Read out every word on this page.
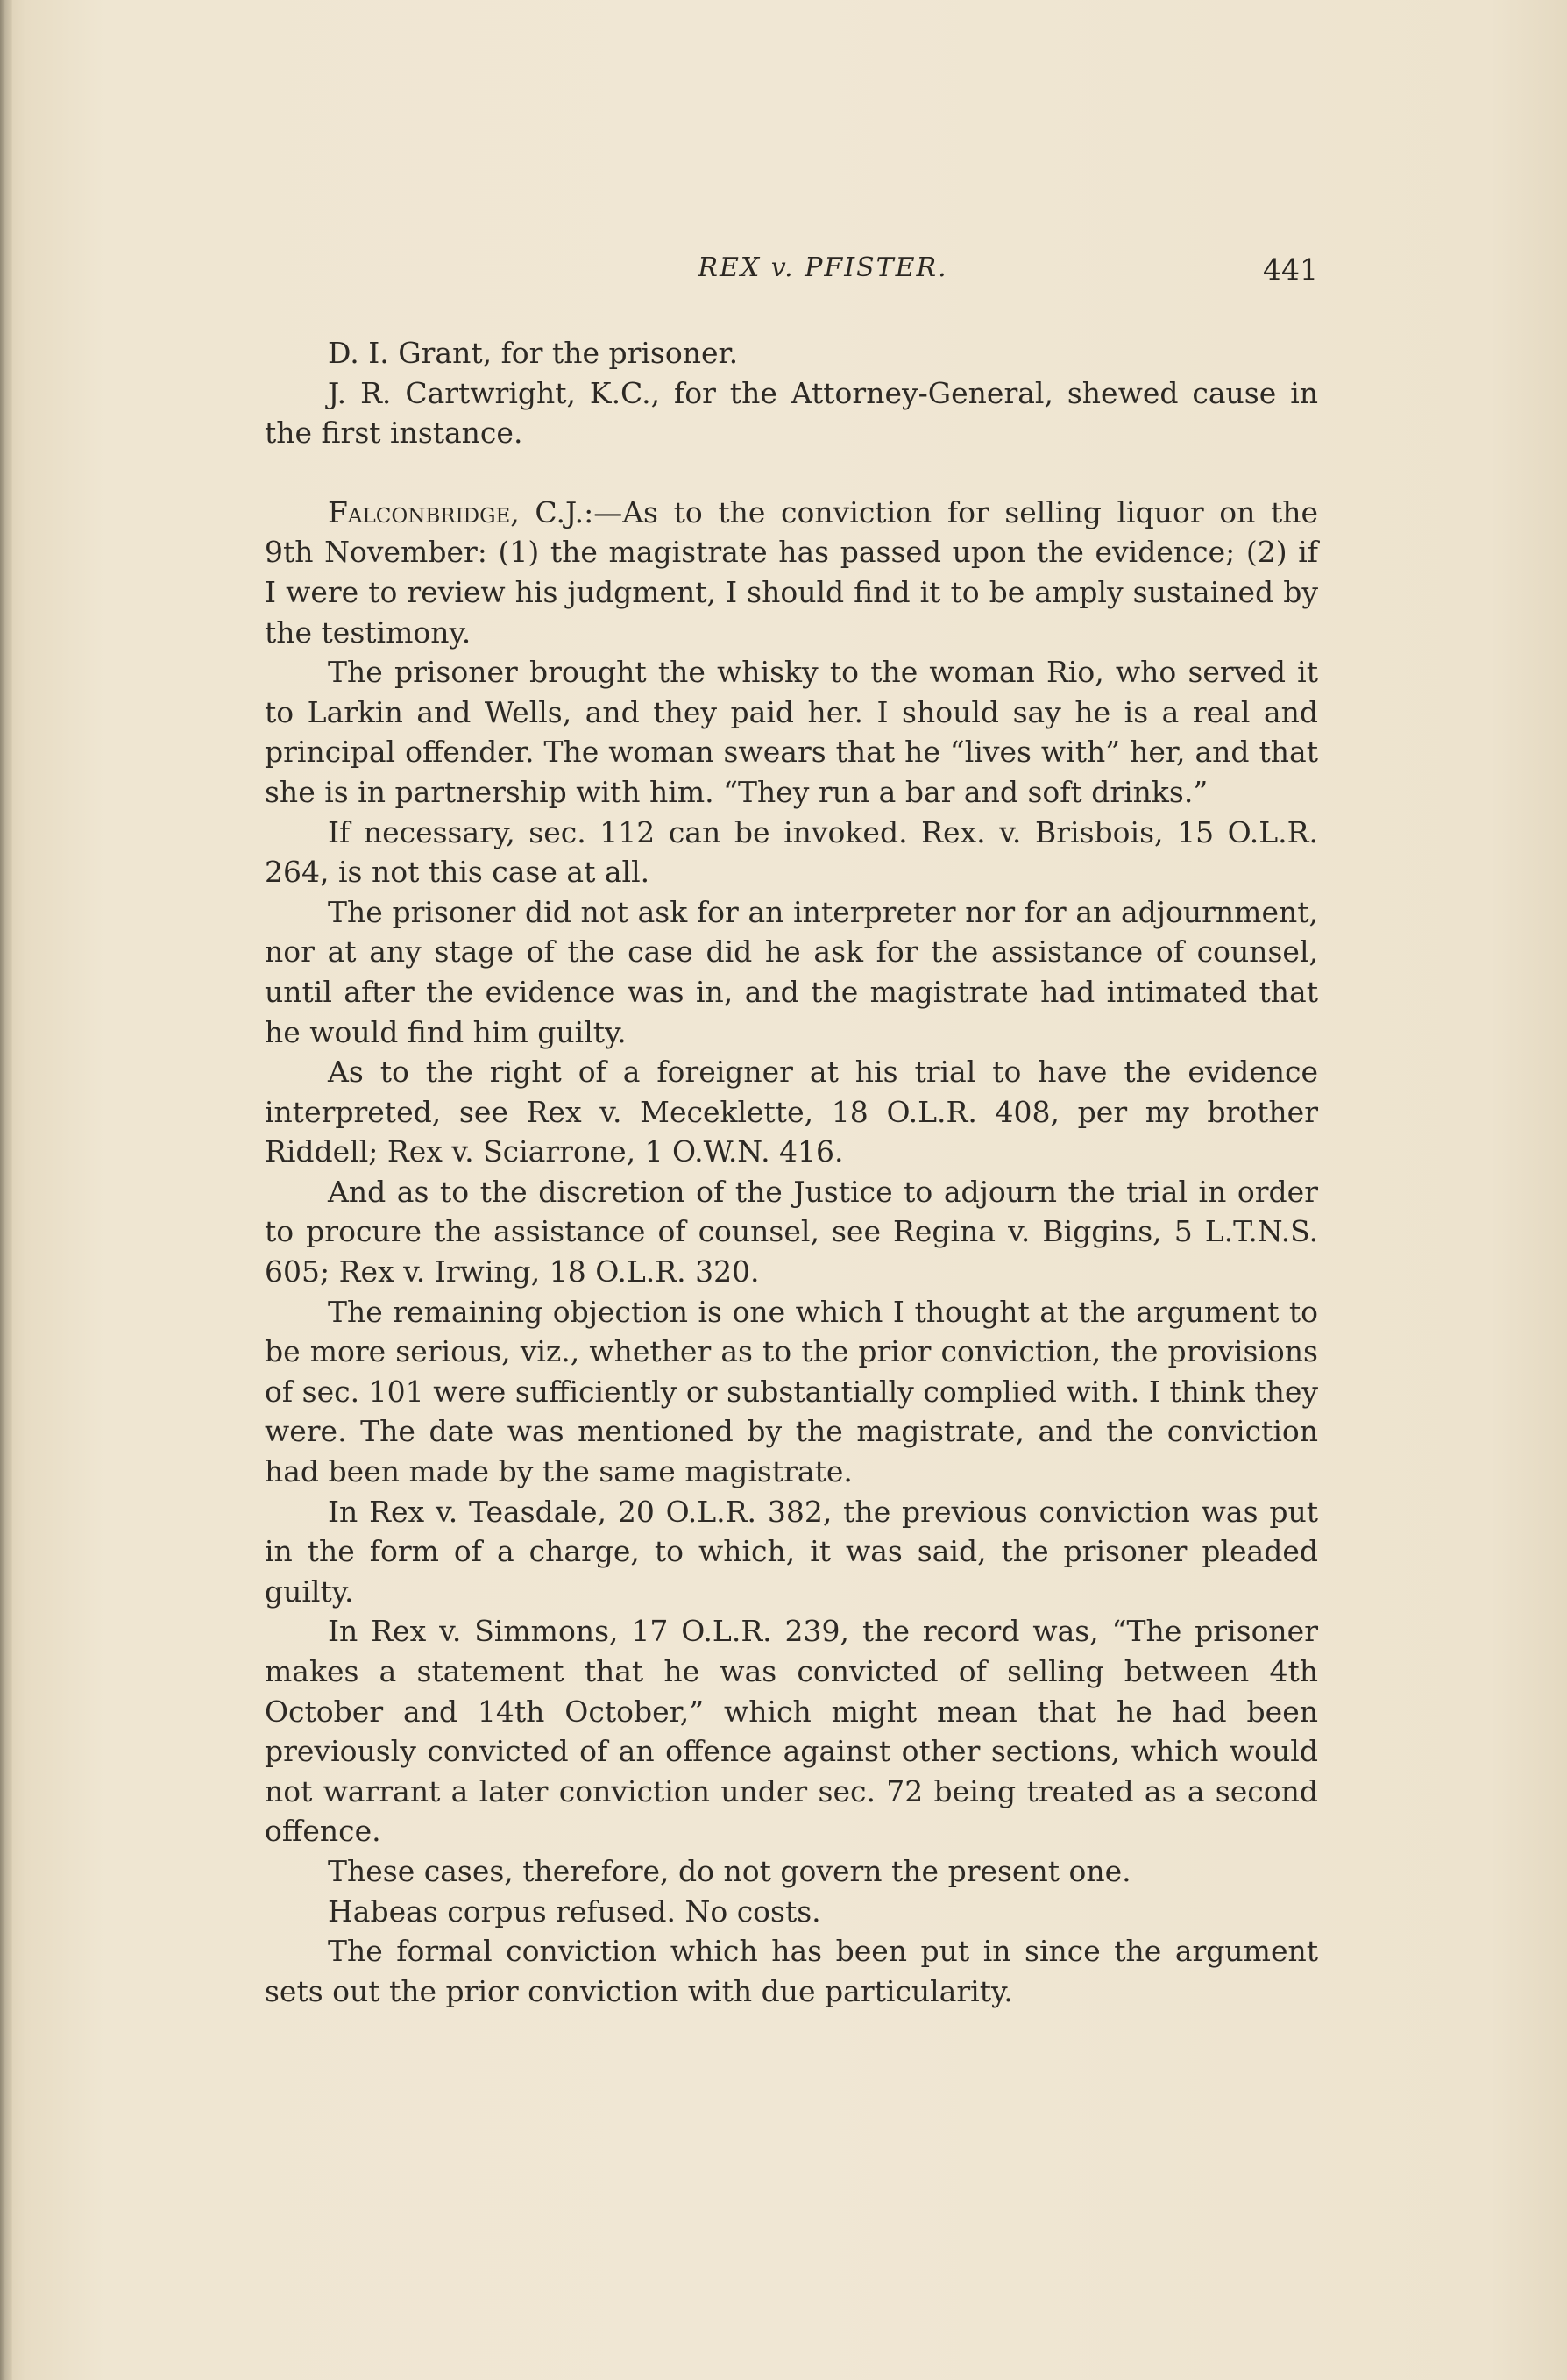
REX v. PFISTER.	441

D. I. Grant, for the prisoner.

J. R. Cartwright, K.C., for the Attorney-General, shewed cause in the first instance.

Falconbridge, C.J.:—As to the conviction for selling liquor on the 9th November: (1) the magistrate has passed upon the evidence; (2) if I were to review his judgment, I should find it to be amply sustained by the testimony.

The prisoner brought the whisky to the woman Rio, who served it to Larkin and Wells, and they paid her. I should say he is a real and principal offender. The woman swears that he “lives with” her, and that she is in partnership with him. “They run a bar and soft drinks.”

If necessary, sec. 112 can be invoked. Rex. v. Brisbois, 15 O.L.R. 264, is not this case at all.

The prisoner did not ask for an interpreter nor for an adjournment, nor at any stage of the case did he ask for the assistance of counsel, until after the evidence was in, and the magistrate had intimated that he would find him guilty.

As to the right of a foreigner at his trial to have the evidence interpreted, see Rex v. Meceklette, 18 O.L.R. 408, per my brother Riddell; Rex v. Sciarrone, 1 O.W.N. 416.

And as to the discretion of the Justice to adjourn the trial in order to procure the assistance of counsel, see Regina v. Biggins, 5 L.T.N.S. 605; Rex v. Irwing, 18 O.L.R. 320.

The remaining objection is one which I thought at the argument to be more serious, viz., whether as to the prior conviction, the provisions of sec. 101 were sufficiently or substantially complied with. I think they were. The date was mentioned by the magistrate, and the conviction had been made by the same magistrate.

In Rex v. Teasdale, 20 O.L.R. 382, the previous conviction was put in the form of a charge, to which, it was said, the prisoner pleaded guilty.

In Rex v. Simmons, 17 O.L.R. 239, the record was, “The prisoner makes a statement that he was convicted of selling between 4th October and 14th October,” which might mean that he had been previously convicted of an offence against other sections, which would not warrant a later conviction under sec. 72 being treated as a second offence.

These cases, therefore, do not govern the present one.

Habeas corpus refused. No costs.

The formal conviction which has been put in since the argument sets out the prior conviction with due particularity.
